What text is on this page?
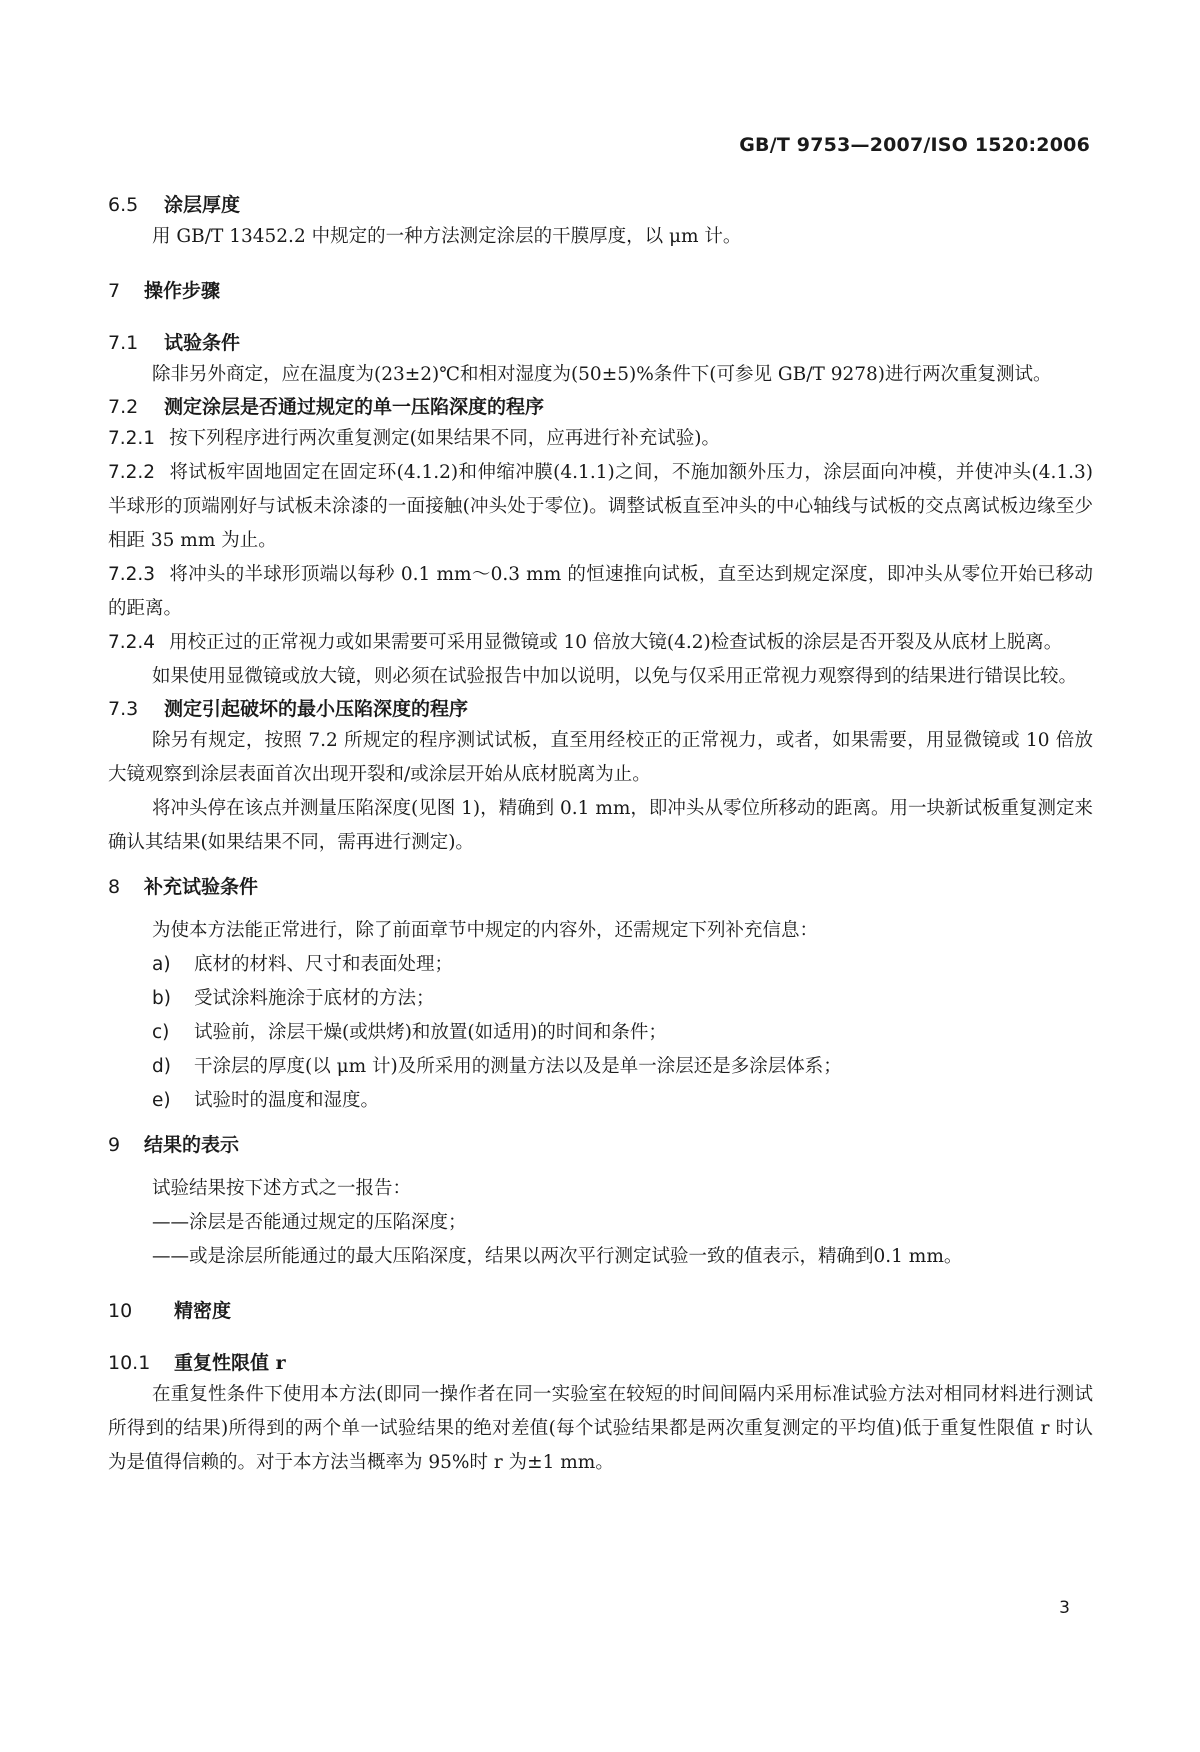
GB/T 9753—2007/ISO 1520:2006
6.5	涂层厚度
用 GB/T 13452.2 中规定的一种方法测定涂层的干膜厚度，以 μm 计。
7	操作步骤
7.1	试验条件
除非另外商定，应在温度为(23±2)℃和相对湿度为(50±5)%条件下(可参见 GB/T 9278)进行两次重复测试。
7.2	测定涂层是否通过规定的单一压陷深度的程序
7.2.1 按下列程序进行两次重复测定(如果结果不同，应再进行补充试验)。
7.2.2 将试板牢固地固定在固定环(4.1.2)和伸缩冲膜(4.1.1)之间，不施加额外压力，涂层面向冲模，并使冲头(4.1.3)半球形的顶端刚好与试板未涂漆的一面接触(冲头处于零位)。调整试板直至冲头的中心轴线与试板的交点离试板边缘至少相距 35 mm 为止。
7.2.3 将冲头的半球形顶端以每秒 0.1 mm～0.3 mm 的恒速推向试板，直至达到规定深度，即冲头从零位开始已移动的距离。
7.2.4 用校正过的正常视力或如果需要可采用显微镜或 10 倍放大镜(4.2)检查试板的涂层是否开裂及从底材上脱离。
如果使用显微镜或放大镜，则必须在试验报告中加以说明，以免与仅采用正常视力观察得到的结果进行错误比较。
7.3	测定引起破坏的最小压陷深度的程序
除另有规定，按照 7.2 所规定的程序测试试板，直至用经校正的正常视力，或者，如果需要，用显微镜或 10 倍放大镜观察到涂层表面首次出现开裂和/或涂层开始从底材脱离为止。
将冲头停在该点并测量压陷深度(见图 1)，精确到 0.1 mm，即冲头从零位所移动的距离。用一块新试板重复测定来确认其结果(如果结果不同，需再进行测定)。
8	补充试验条件
为使本方法能正常进行，除了前面章节中规定的内容外，还需规定下列补充信息：
a)	底材的材料、尺寸和表面处理；
b)	受试涂料施涂于底材的方法；
c)	试验前，涂层干燥(或烘烤)和放置(如适用)的时间和条件；
d)	干涂层的厚度(以 μm 计)及所采用的测量方法以及是单一涂层还是多涂层体系；
e)	试验时的温度和湿度。
9	结果的表示
试验结果按下述方式之一报告：
——涂层是否能通过规定的压陷深度；
——或是涂层所能通过的最大压陷深度，结果以两次平行测定试验一致的值表示，精确到0.1 mm。
10	精密度
10.1	重复性限值 r
在重复性条件下使用本方法(即同一操作者在同一实验室在较短的时间间隔内采用标准试验方法对相同材料进行测试所得到的结果)所得到的两个单一试验结果的绝对差值(每个试验结果都是两次重复测定的平均值)低于重复性限值 r 时认为是值得信赖的。对于本方法当概率为 95%时 r 为±1 mm。
3
